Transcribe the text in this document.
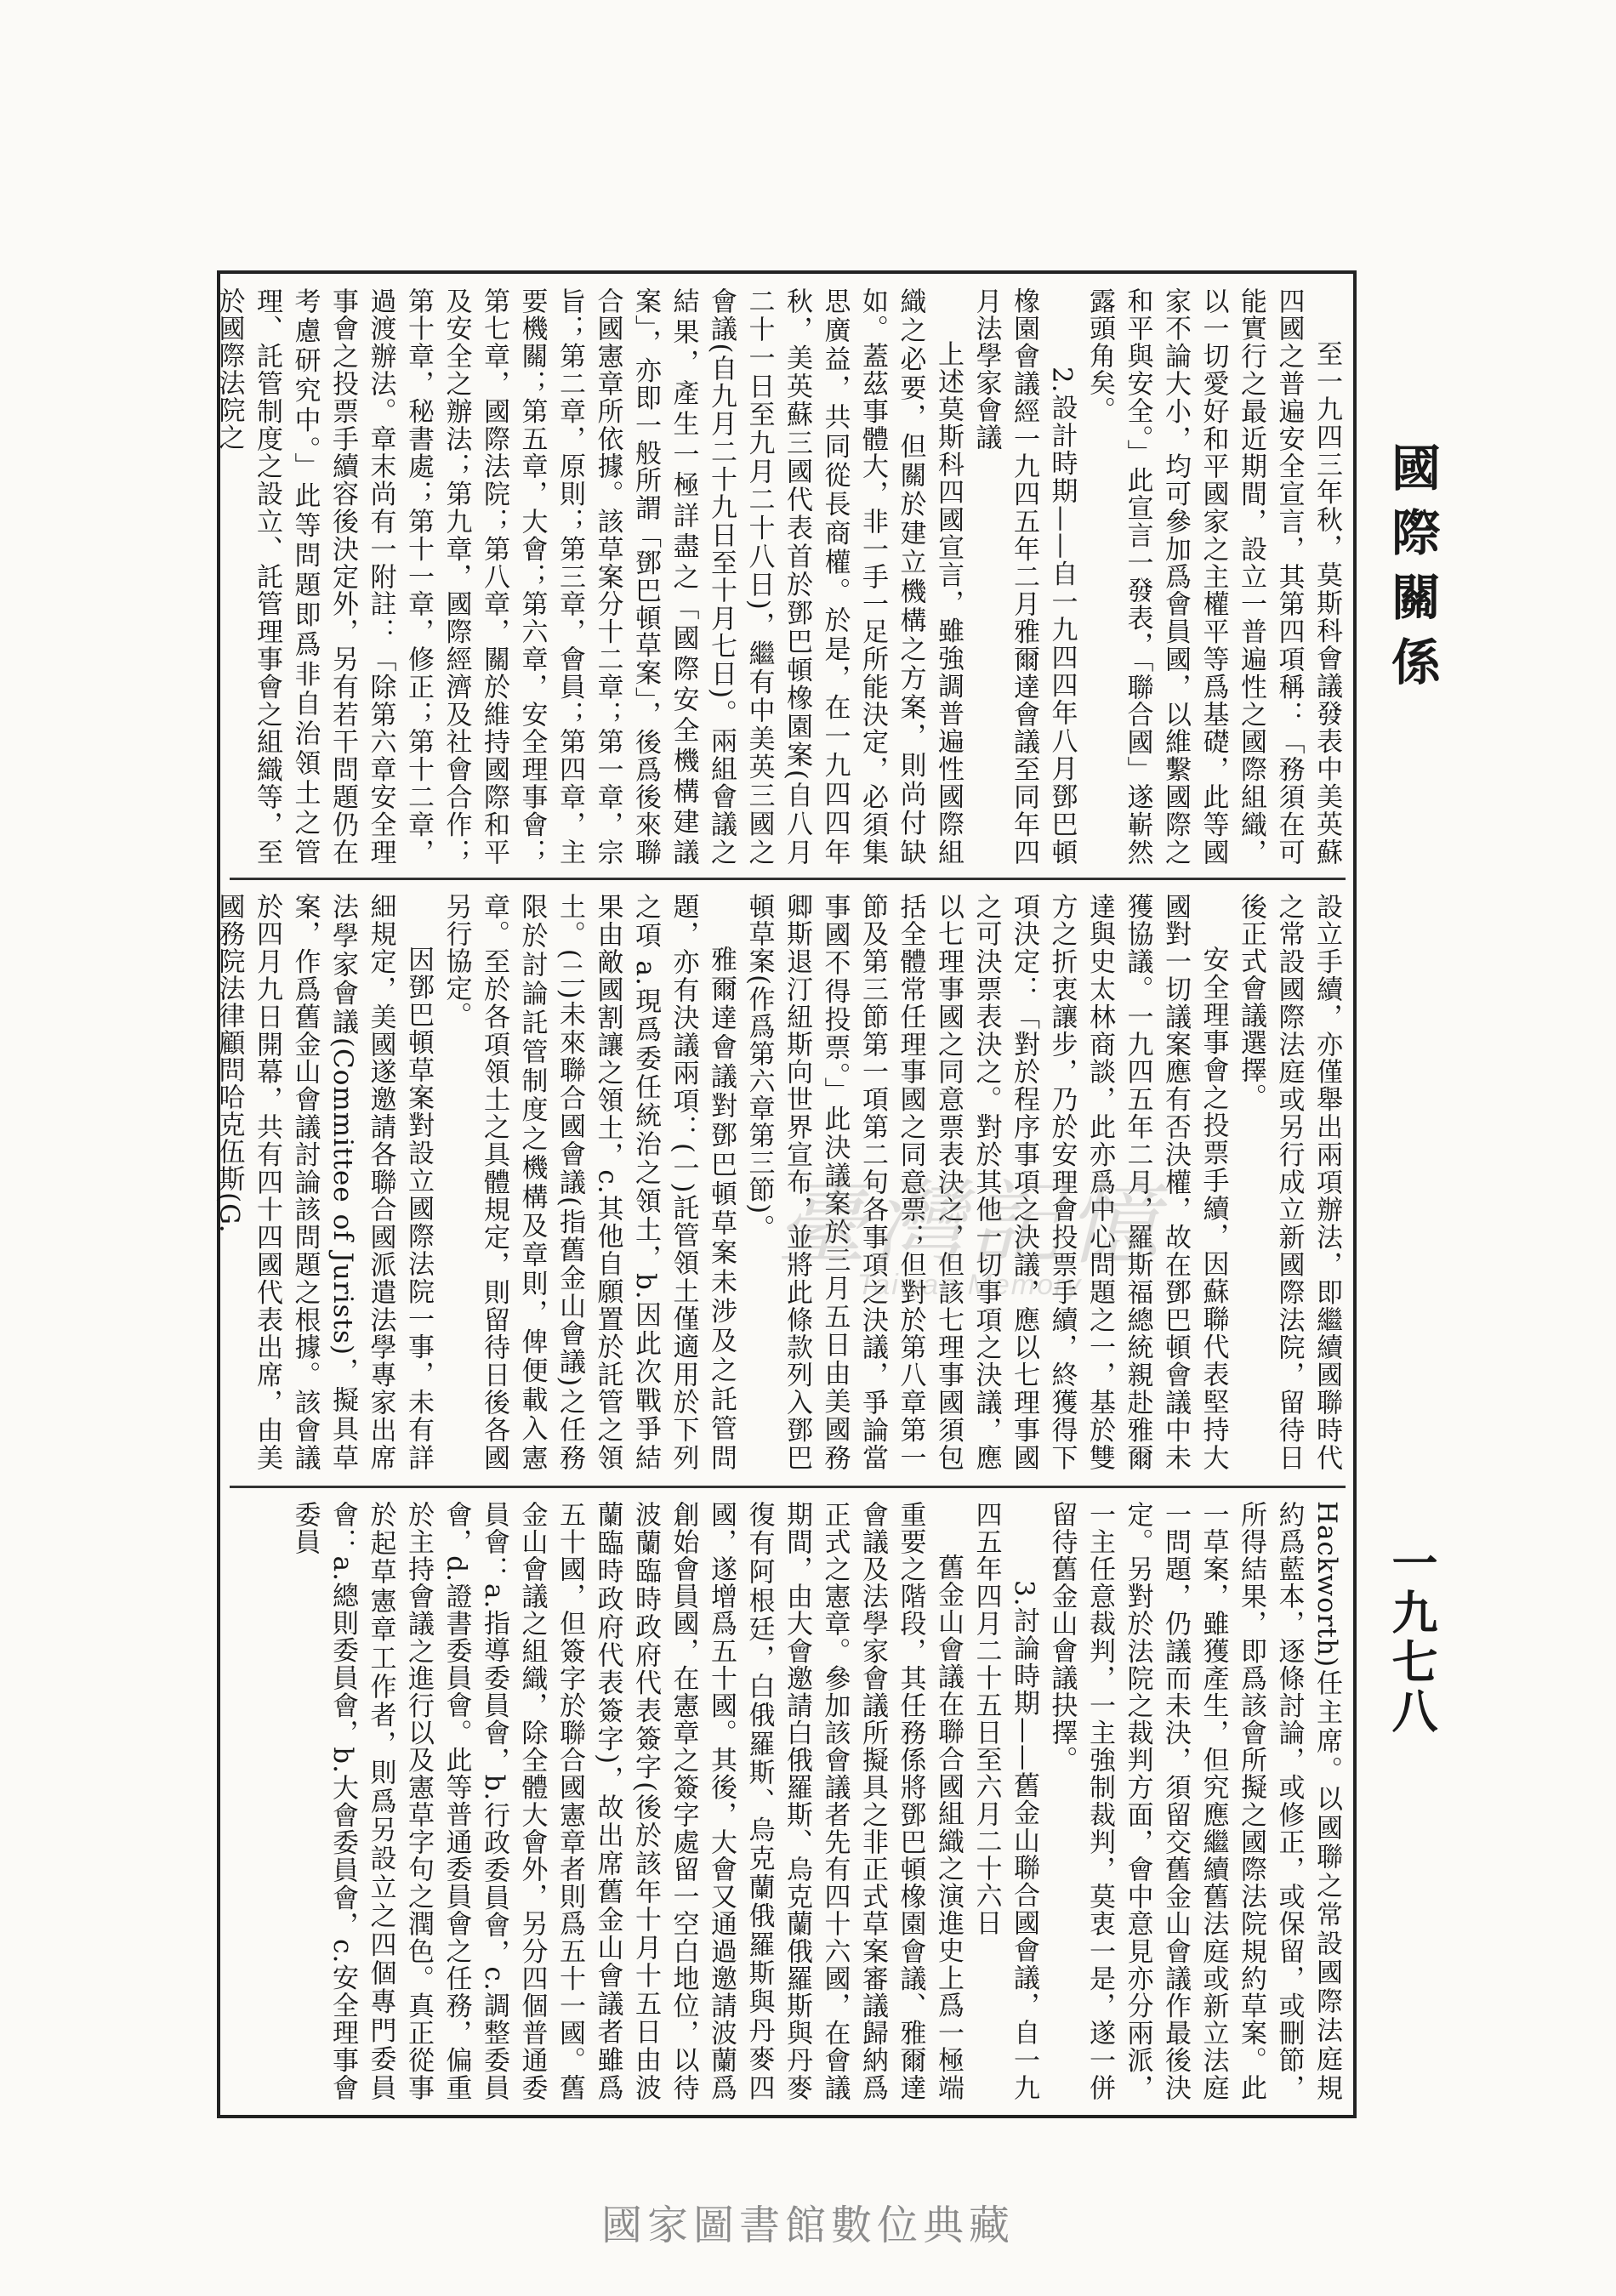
國際關係
一九七八

至一九四三年秋，莫斯科會議發表中美英蘇四國之普遍安全宣言，其第四項稱：「務須在可能實行之最近期間，設立一普遍性之國際組織，以一切愛好和平國家之主權平等爲基礎，此等國家不論大小，均可參加爲會員國，以維繫國際之和平與安全。」此宣言一發表，「聯合國」遂嶄然露頭角矣。

2.設計時期——自一九四四年八月鄧巴頓橡園會議經一九四五年二月雅爾達會議至同年四月法學家會議

上述莫斯科四國宣言，雖強調普遍性國際組織之必要，但關於建立機構之方案，則尚付缺如。蓋茲事體大，非一手一足所能決定，必須集思廣益，共同從長商權。於是，在一九四四年秋，美英蘇三國代表首於鄧巴頓橡園案(自八月二十一日至九月二十八日)，繼有中美英三國之會議(自九月二十九日至十月七日)。兩組會議之結果，產生一極詳盡之「國際安全機構建議案」，亦即一般所謂「鄧巴頓草案」，後爲後來聯合國憲章所依據。該草案分十二章；第一章，宗旨；第二章，原則；第三章，會員；第四章，主要機關；第五章，大會；第六章，安全理事會；第七章，國際法院；第八章，關於維持國際和平及安全之辦法；第九章，國際經濟及社會合作；第十章，秘書處；第十一章，修正；第十二章，過渡辦法。章末尚有一附註：「除第六章安全理事會之投票手續容後決定外，另有若干問題仍在考慮研究中。」此等問題即爲非自治領土之管理、託管制度之設立、託管理事會之組織等，至於國際法院之

設立手續，亦僅舉出兩項辦法，即繼續國聯時代之常設國際法庭或另行成立新國際法院，留待日後正式會議選擇。

安全理事會之投票手續，因蘇聯代表堅持大國對一切議案應有否決權，故在鄧巴頓會議中未獲協議。一九四五年二月，羅斯福總統親赴雅爾達與史太林商談，此亦爲中心問題之一，基於雙方之折衷讓步，乃於安理會投票手續，終獲得下項決定：「對於程序事項之決議，應以七理事國之可決票表決之。對於其他一切事項之決議，應以七理事國之同意票表決之，但該七理事國須包括全體常任理事國之同意票；但對於第八章第一節及第三節第一項第二句各事項之決議，爭論當事國不得投票。」此決議案於三月五日由美國務卿斯退汀紐斯向世界宣布，並將此條款列入鄧巴頓草案(作爲第六章第三節)。

雅爾達會議對鄧巴頓草案未涉及之託管問題，亦有決議兩項：(一)託管領土僅適用於下列之項 a.現爲委任統治之領土，b.因此次戰爭結果由敵國割讓之領土，c.其他自願置於託管之領土。(二)未來聯合國會議(指舊金山會議)之任務限於討論託管制度之機構及章則，俾便載入憲章。至於各項領土之具體規定，則留待日後各國另行協定。

因鄧巴頓草案對設立國際法院一事，未有詳細規定，美國遂邀請各聯合國派遣法學專家出席法學家會議(Committee of Jurists)，擬具草案，作爲舊金山會議討論該問題之根據。該會議於四月九日開幕，共有四十四國代表出席，由美國務院法律顧問哈克伍斯(G.

Hackworth)任主席。以國聯之常設國際法庭規約爲藍本，逐條討論，或修正，或保留，或刪節，所得結果，即爲該會所擬之國際法院規約草案。此一草案，雖獲產生，但究應繼續舊法庭或新立法庭一問題，仍議而未決，須留交舊金山會議作最後決定。另對於法院之裁判方面，會中意見亦分兩派，一主任意裁判，一主強制裁判，莫衷一是，遂一併留待舊金山會議抉擇。

3.討論時期——舊金山聯合國會議，自一九四五年四月二十五日至六月二十六日

舊金山會議在聯合國組織之演進史上爲一極端重要之階段，其任務係將鄧巴頓橡園會議、雅爾達會議及法學家會議所擬具之非正式草案審議歸納爲正式之憲章。參加該會議者先有四十六國，在會議期間，由大會邀請白俄羅斯、烏克蘭俄羅斯與丹麥復有阿根廷，白俄羅斯、烏克蘭俄羅斯與丹麥四國，遂增爲五十國。其後，大會又通過邀請波蘭爲創始會員國，在憲章之簽字處留一空白地位，以待波蘭臨時政府代表簽字(後於該年十月十五日由波蘭臨時政府代表簽字)，故出席舊金山會議者雖爲五十國，但簽字於聯合國憲章者則爲五十一國。舊金山會議之組織，除全體大會外，另分四個普通委員會：a.指導委員會，b.行政委員會，c.調整委員會，d.證書委員會。此等普通委員會之任務，偏重於主持會議之進行以及憲草字句之潤色。真正從事於起草憲章工作者，則爲另設立之四個專門委員會：a.總則委員會，b.大會委員會，c.安全理事會委員

臺灣記憶
Taiwan Memory
國家圖書館數位典藏
